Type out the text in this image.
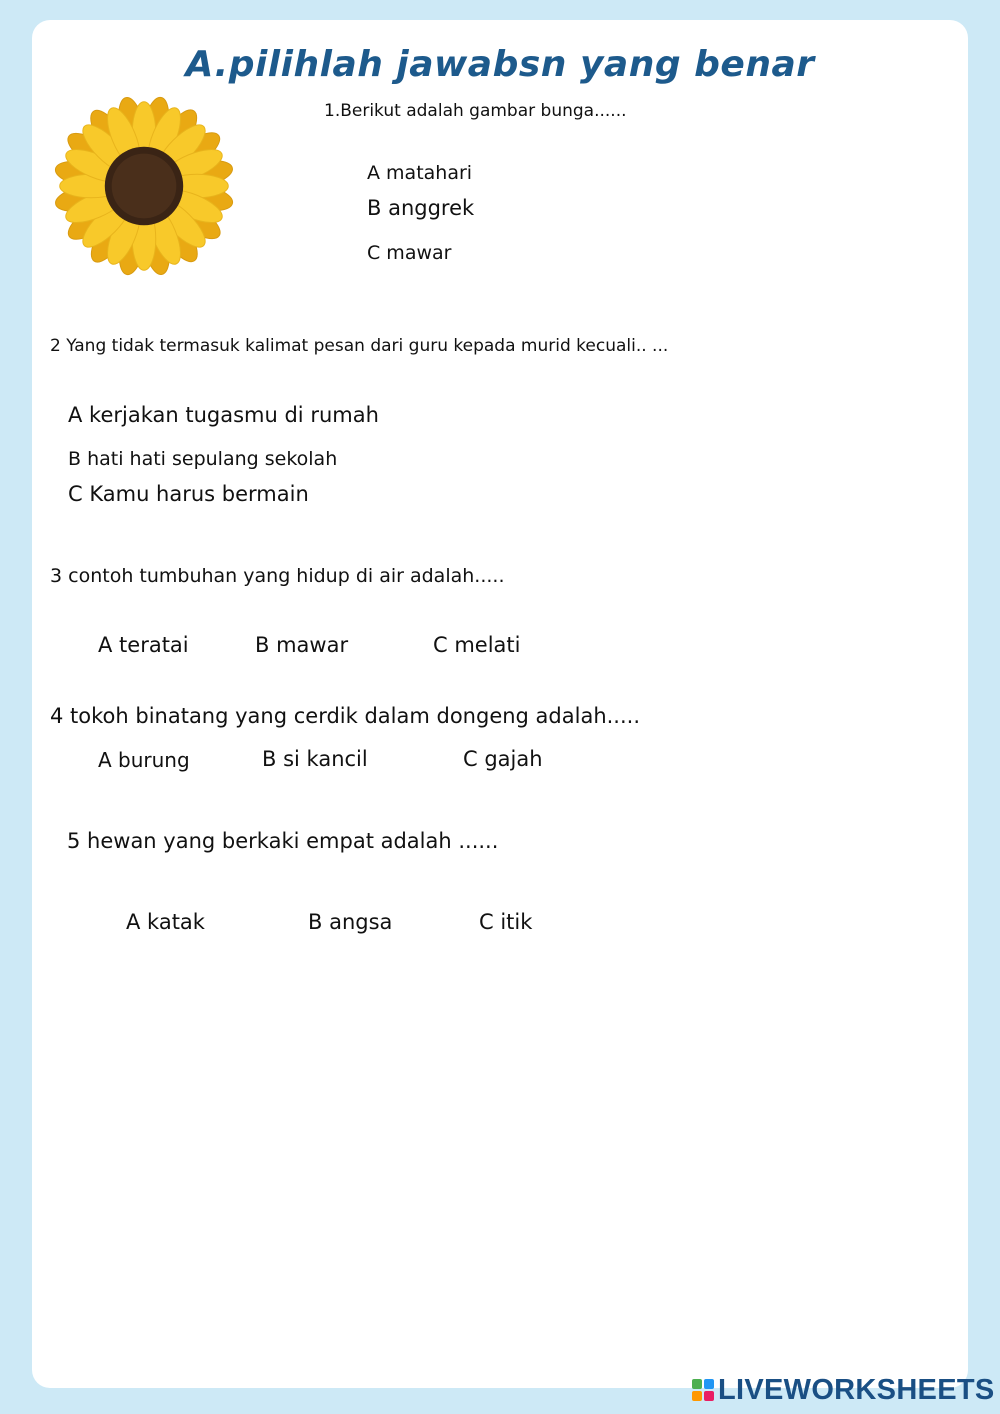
A.pilihlah jawabsn yang benar
1.Berikut adalah gambar bunga......
A matahari
B anggrek
C mawar
2 Yang tidak termasuk kalimat pesan dari guru kepada murid kecuali.. ...
A kerjakan tugasmu di rumah
B hati hati sepulang sekolah
C Kamu harus bermain
3 contoh tumbuhan yang hidup di air adalah.....
A teratai	B mawar	C melati
4 tokoh binatang yang cerdik dalam dongeng adalah.....
A burung	B si kancil	C gajah
5 hewan yang berkaki empat adalah ......
A katak	B angsa	C itik
LIVEWORKSHEETS
